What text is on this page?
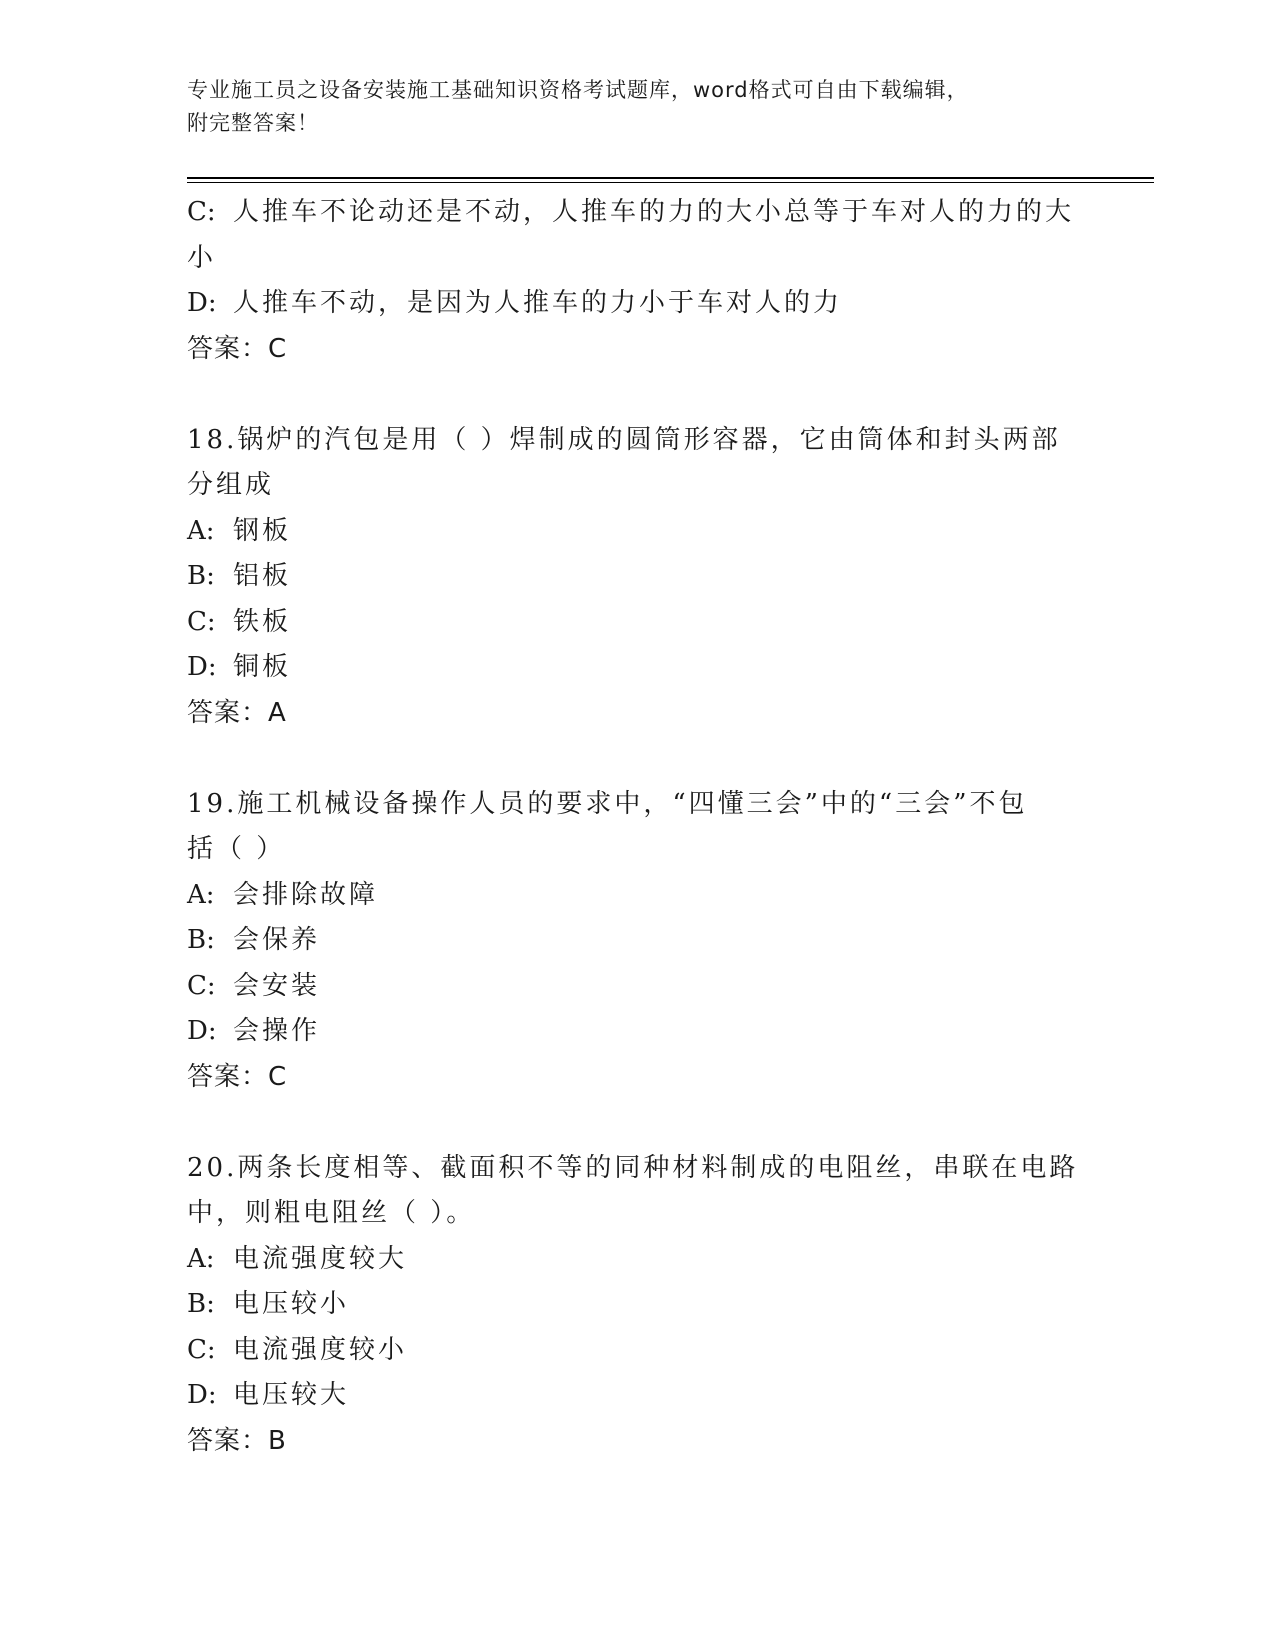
专业施工员之设备安装施工基础知识资格考试题库，word格式可自由下载编辑，
附完整答案！
C: 人推车不论动还是不动，人推车的力的大小总等于车对人的力的大
小
D: 人推车不动，是因为人推车的力小于车对人的力
答案：C
18.锅炉的汽包是用（ ）焊制成的圆筒形容器，它由筒体和封头两部
分组成
A: 钢板
B: 铝板
C: 铁板
D: 铜板
答案：A
19.施工机械设备操作人员的要求中，“四懂三会”中的“三会”不包
括（ ）
A: 会排除故障
B: 会保养
C: 会安装
D: 会操作
答案：C
20.两条长度相等、截面积不等的同种材料制成的电阻丝，串联在电路
中，则粗电阻丝（ ）。
A: 电流强度较大
B: 电压较小
C: 电流强度较小
D: 电压较大
答案：B
